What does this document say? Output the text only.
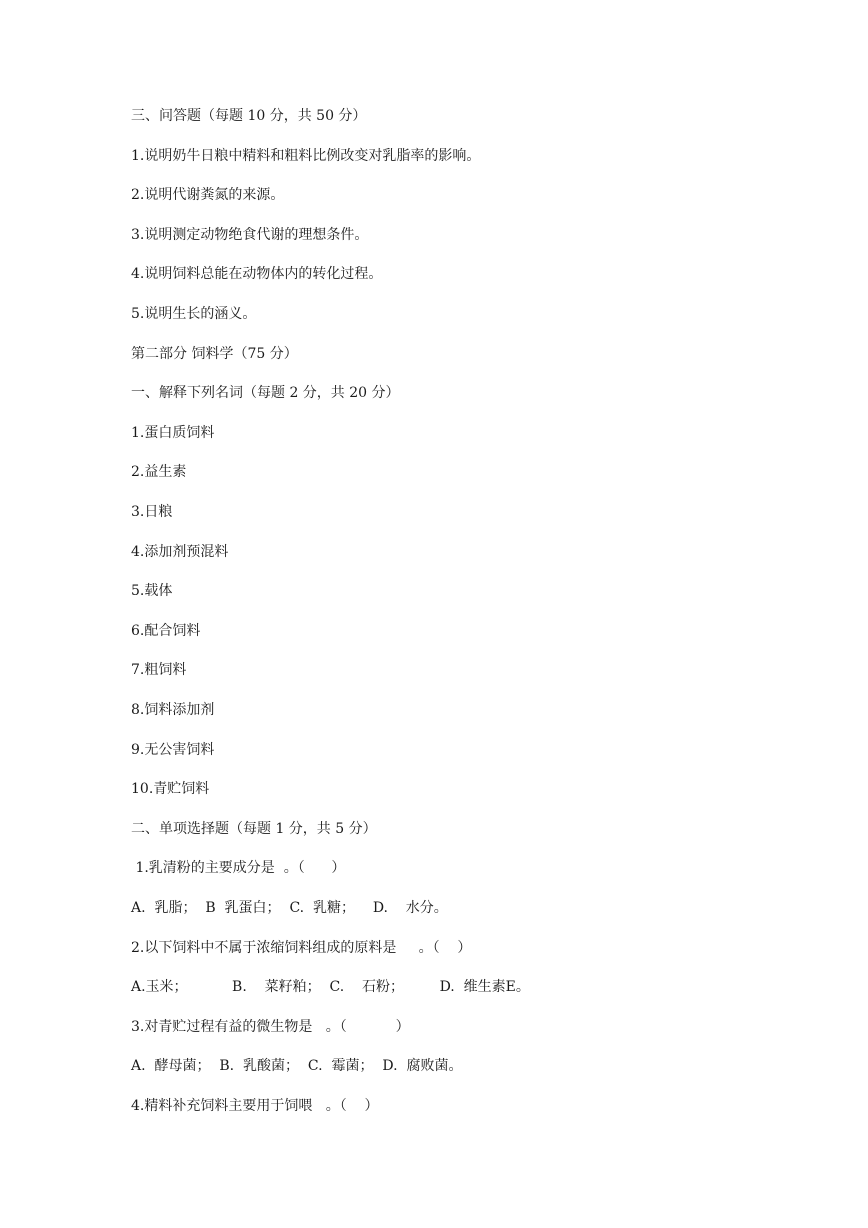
三、问答题（每题 10 分，共 50 分）
1.说明奶牛日粮中精料和粗料比例改变对乳脂率的影响。
2.说明代谢粪氮的来源。
3.说明测定动物绝食代谢的理想条件。
4.说明饲料总能在动物体内的转化过程。
5.说明生长的涵义。
第二部分 饲料学（75 分）
一、解释下列名词（每题 2 分，共 20 分）
1.蛋白质饲料
2.益生素
3.日粮
4.添加剂预混料
5.载体
6.配合饲料
7.粗饲料
8.饲料添加剂
9.无公害饲料
10.青贮饲料
二、单项选择题（每题 1 分，共 5 分）
1.乳清粉的主要成分是  。（      ）
A.  乳脂；  B  乳蛋白；  C.  乳糖；    D.    水分。
2.以下饲料中不属于浓缩饲料组成的原料是     。（    ）
A.玉米；          B.    菜籽粕；  C.    石粉；        D.  维生素E。
3.对青贮过程有益的微生物是   。（           ）
A.  酵母菌；  B.  乳酸菌；  C.  霉菌；  D.  腐败菌。
4.精料补充饲料主要用于饲喂   。（    ）
